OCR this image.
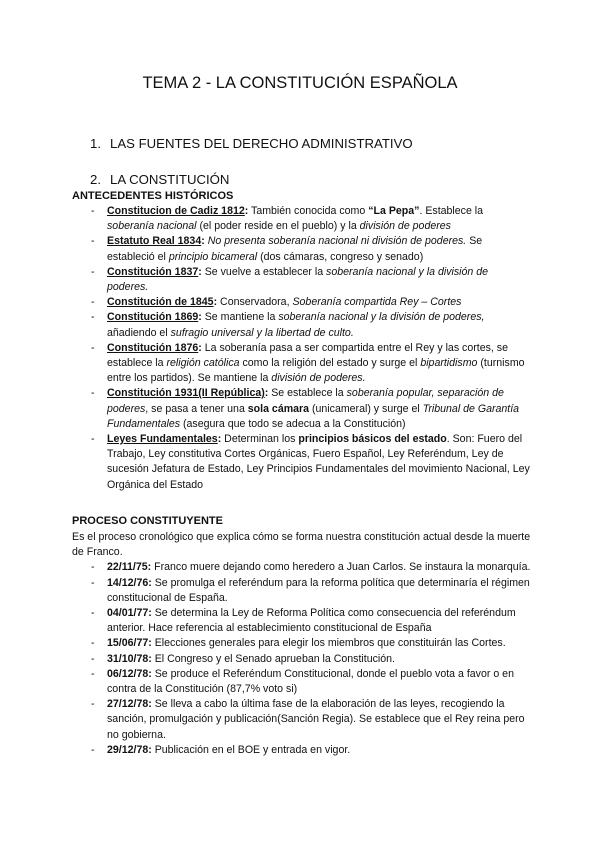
TEMA 2 - LA CONSTITUCIÓN ESPAÑOLA
1. LAS FUENTES DEL DERECHO ADMINISTRATIVO
2. LA CONSTITUCIÓN
ANTECEDENTES HISTÓRICOS
- Constitucion de Cadiz 1812: También conocida como “La Pepa”. Establece la soberanía nacional (el poder reside en el pueblo) y la división de poderes
- Estatuto Real 1834: No presenta soberanía nacional ni división de poderes. Se estableció el principio bicameral (dos cámaras, congreso y senado)
- Constitución 1837: Se vuelve a establecer la soberanía nacional y la división de poderes.
- Constitución de 1845: Conservadora, Soberanía compartida Rey – Cortes
- Constitución 1869: Se mantiene la soberanía nacional y la división de poderes, añadiendo el sufragio universal y la libertad de culto.
- Constitución 1876: La soberanía pasa a ser compartida entre el Rey y las cortes, se establece la religión católica como la religión del estado y surge el bipartidismo (turnismo entre los partidos). Se mantiene la división de poderes.
- Constitución 1931(II República): Se establece la soberanía popular, separación de poderes, se pasa a tener una sola cámara (unicameral) y surge el Tribunal de Garantía Fundamentales (asegura que todo se adecua a la Constitución)
- Leyes Fundamentales: Determinan los principios básicos del estado. Son: Fuero del Trabajo, Ley constitutiva Cortes Orgánicas, Fuero Español, Ley Referéndum, Ley de sucesión Jefatura de Estado, Ley Principios Fundamentales del movimiento Nacional, Ley Orgánica del Estado
PROCESO CONSTITUYENTE

Es el proceso cronológico que explica cómo se forma nuestra constitución actual desde la muerte de Franco.

- 22/11/75: Franco muere dejando como heredero a Juan Carlos. Se instaura la monarquía.
- 14/12/76: Se promulga el referéndum para la reforma política que determinaría el régimen constitucional de España.
- 04/01/77: Se determina la Ley de Reforma Política como consecuencia del referéndum anterior. Hace referencia al establecimiento constitucional de España
- 15/06/77: Elecciones generales para elegir los miembros que constituirán las Cortes.
- 31/10/78: El Congreso y el Senado aprueban la Constitución.
- 06/12/78: Se produce el Referéndum Constitucional, donde el pueblo vota a favor o en contra de la Constitución (87,7% voto si)
- 27/12/78: Se lleva a cabo la última fase de la elaboración de las leyes, recogiendo la sanción, promulgación y publicación(Sanción Regia). Se establece que el Rey reina pero no gobierna.
- 29/12/78: Publicación en el BOE y entrada en vigor.
